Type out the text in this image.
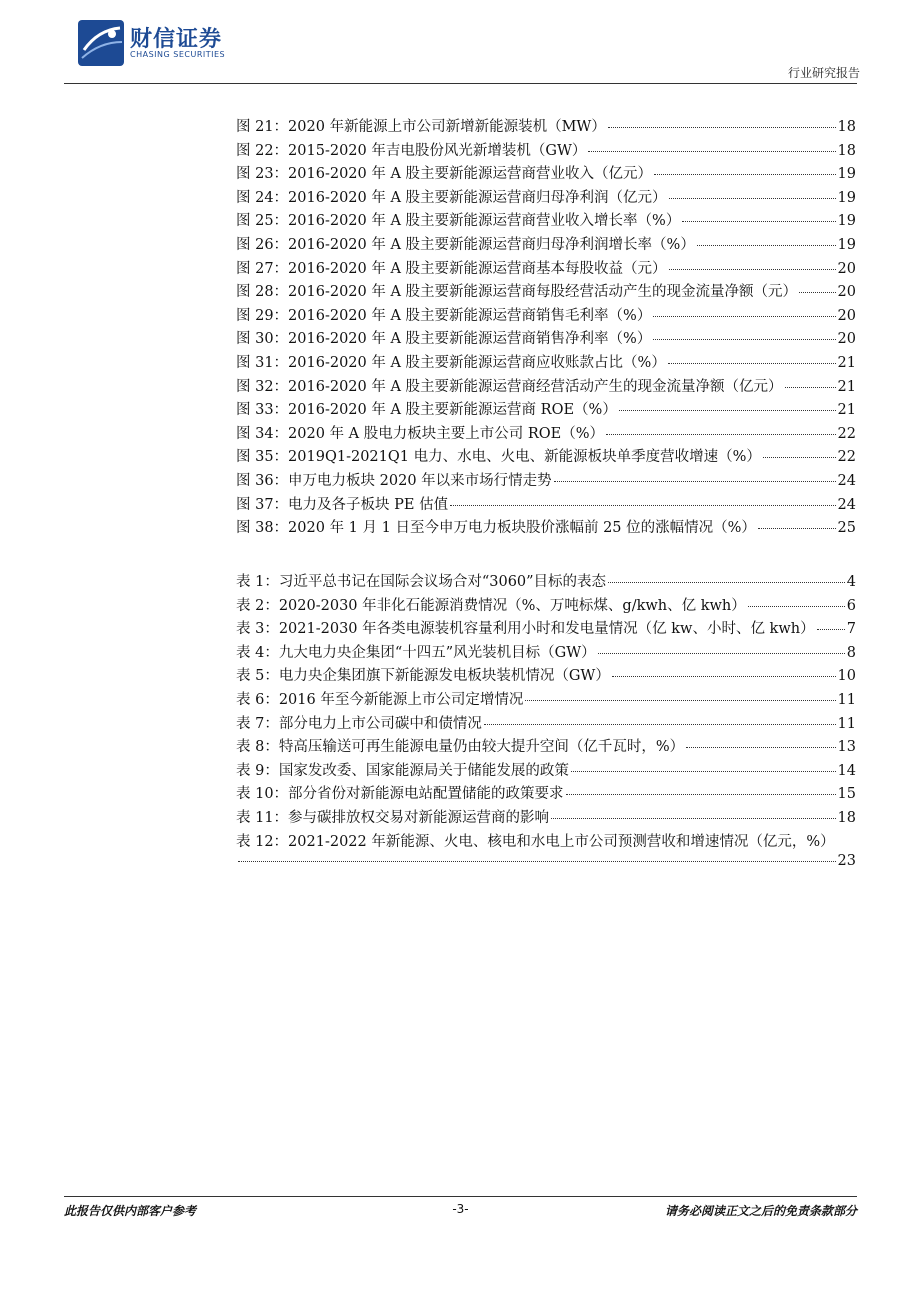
财信证券
CHASING SECURITIES
行业研究报告
图 21：2020 年新能源上市公司新增新能源装机（MW）	18
图 22：2015-2020 年吉电股份风光新增装机（GW）	18
图 23：2016-2020 年 A 股主要新能源运营商营业收入（亿元）	19
图 24：2016-2020 年 A 股主要新能源运营商归母净利润（亿元）	19
图 25：2016-2020 年 A 股主要新能源运营商营业收入增长率（%）	19
图 26：2016-2020 年 A 股主要新能源运营商归母净利润增长率（%）	19
图 27：2016-2020 年 A 股主要新能源运营商基本每股收益（元）	20
图 28：2016-2020 年 A 股主要新能源运营商每股经营活动产生的现金流量净额（元）	20
图 29：2016-2020 年 A 股主要新能源运营商销售毛利率（%）	20
图 30：2016-2020 年 A 股主要新能源运营商销售净利率（%）	20
图 31：2016-2020 年 A 股主要新能源运营商应收账款占比（%）	21
图 32：2016-2020 年 A 股主要新能源运营商经营活动产生的现金流量净额（亿元）	21
图 33：2016-2020 年 A 股主要新能源运营商 ROE（%）	21
图 34：2020 年 A 股电力板块主要上市公司 ROE（%）	22
图 35：2019Q1-2021Q1 电力、水电、火电、新能源板块单季度营收增速（%）	22
图 36：申万电力板块 2020 年以来市场行情走势	24
图 37：电力及各子板块 PE 估值	24
图 38：2020 年 1 月 1 日至今申万电力板块股价涨幅前 25 位的涨幅情况（%）	25
表 1：习近平总书记在国际会议场合对“3060”目标的表态	4
表 2：2020-2030 年非化石能源消费情况（%、万吨标煤、g/kwh、亿 kwh）	6
表 3：2021-2030 年各类电源装机容量利用小时和发电量情况（亿 kw、小时、亿 kwh） 7
表 4：九大电力央企集团“十四五”风光装机目标（GW）	8
表 5：电力央企集团旗下新能源发电板块装机情况（GW）	10
表 6：2016 年至今新能源上市公司定增情况	11
表 7：部分电力上市公司碳中和债情况	11
表 8：特高压输送可再生能源电量仍由较大提升空间（亿千瓦时，%）	13
表 9：国家发改委、国家能源局关于储能发展的政策	14
表 10：部分省份对新能源电站配置储能的政策要求	15
表 11：参与碳排放权交易对新能源运营商的影响	18
表 12：2021-2022 年新能源、火电、核电和水电上市公司预测营收和增速情况（亿元，%）
23
此报告仅供内部客户参考	-3-	请务必阅读正文之后的免责条款部分
